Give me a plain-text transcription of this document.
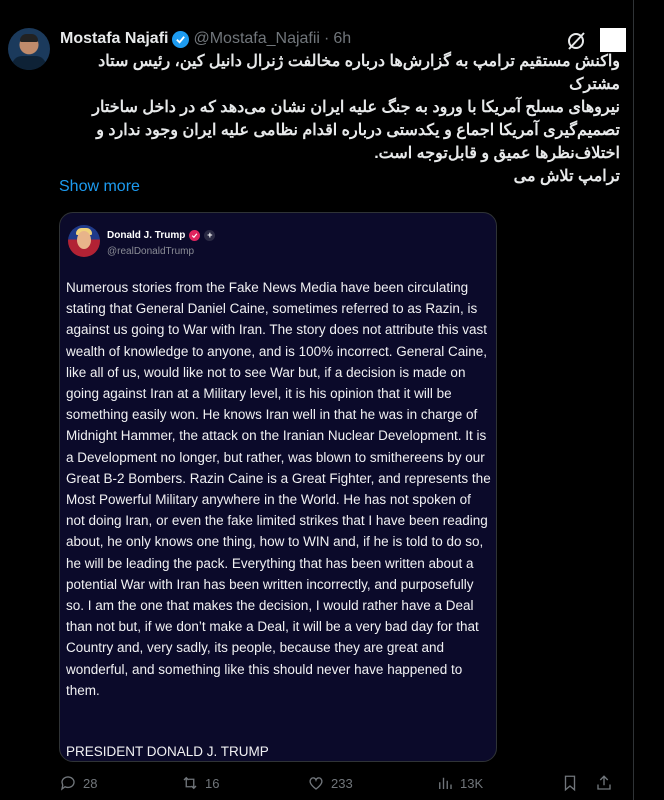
Mostafa Najafi @Mostafa_Najafii · 6h
واکنش مستقیم ترامپ به گزارش‌ها درباره مخالفت ژنرال دانیل کین، رئیس ستاد مشترک
نیروهای مسلح آمریکا با ورود به جنگ علیه ایران نشان می‌دهد که در داخل ساختار
تصمیم‌گیری آمریکا اجماع و یکدستی درباره اقدام نظامی علیه ایران وجود ندارد و
اختلاف‌نظرها عمیق و قابل‌توجه است.
ترامپ تلاش می
Show more
Donald J. Trump	+
@realDonaldTrump
Numerous stories from the Fake News Media have been circulating stating that General Daniel Caine, sometimes referred to as Razin, is against us going to War with Iran. The story does not attribute this vast wealth of knowledge to anyone, and is 100% incorrect. General Caine, like all of us, would like not to see War but, if a decision is made on going against Iran at a Military level, it is his opinion that it will be something easily won. He knows Iran well in that he was in charge of Midnight Hammer, the attack on the Iranian Nuclear Development. It is a Development no longer, but rather, was blown to smithereens by our Great B-2 Bombers. Razin Caine is a Great Fighter, and represents the Most Powerful Military anywhere in the World. He has not spoken of not doing Iran, or even the fake limited strikes that I have been reading about, he only knows one thing, how to WIN and, if he is told to do so, he will be leading the pack. Everything that has been written about a potential War with Iran has been written incorrectly, and purposefully so. I am the one that makes the decision, I would rather have a Deal than not but, if we don’t make a Deal, it will be a very bad day for that Country and, very sadly, its people, because they are great and wonderful, and something like this should never have happened to them.
PRESIDENT DONALD J. TRUMP
28	16	233	13K
